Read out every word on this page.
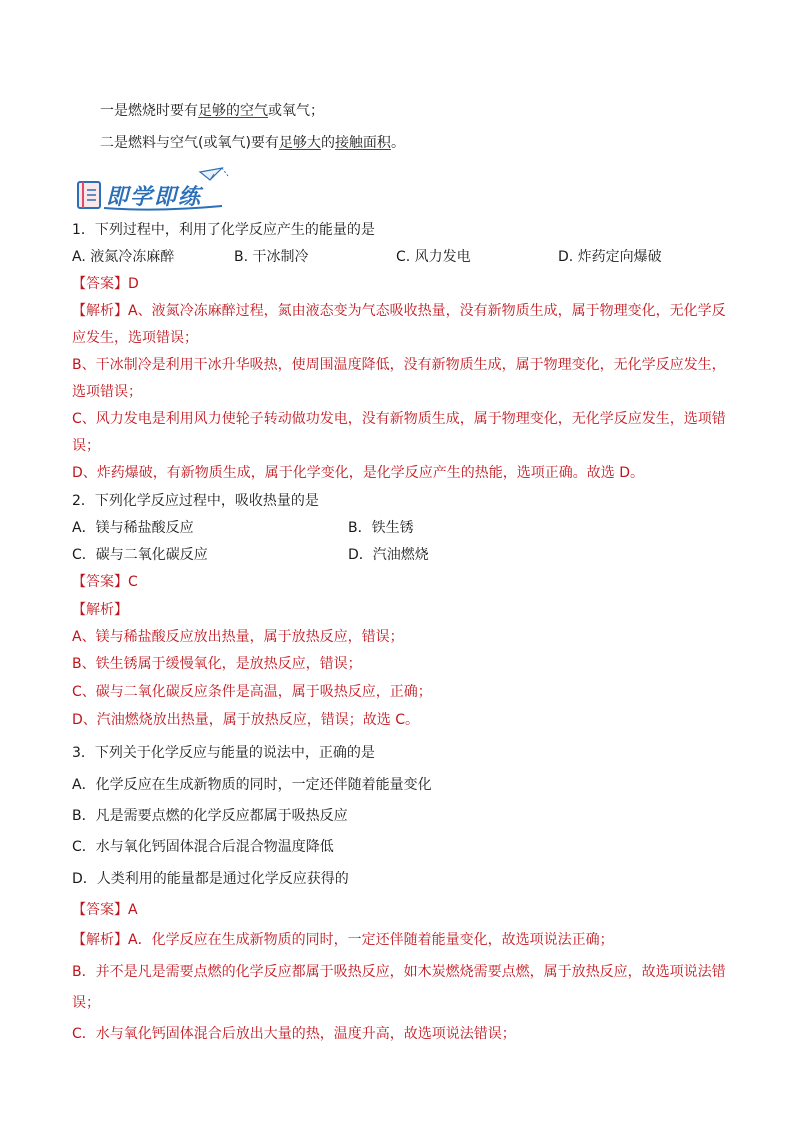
一是燃烧时要有足够的空气或氧气；
二是燃料与空气(或氧气)要有足够大的接触面积。
即学即练
1．下列过程中，利用了化学反应产生的能量的是
A. 液氮冷冻麻醉	B. 干冰制冷	C. 风力发电	D. 炸药定向爆破
【答案】D
【解析】A、液氮冷冻麻醉过程，氮由液态变为气态吸收热量，没有新物质生成，属于物理变化，无化学反
应发生，选项错误；
B、干冰制冷是利用干冰升华吸热，使周围温度降低，没有新物质生成，属于物理变化，无化学反应发生，
选项错误；
C、风力发电是利用风力使轮子转动做功发电，没有新物质生成，属于物理变化，无化学反应发生，选项错
误；
D、炸药爆破，有新物质生成，属于化学变化，是化学反应产生的热能，选项正确。故选 D。
2．下列化学反应过程中，吸收热量的是
A．镁与稀盐酸反应	B．铁生锈
C．碳与二氧化碳反应	D．汽油燃烧
【答案】C
【解析】
A、镁与稀盐酸反应放出热量，属于放热反应，错误；
B、铁生锈属于缓慢氧化，是放热反应，错误；
C、碳与二氧化碳反应条件是高温，属于吸热反应，正确；
D、汽油燃烧放出热量，属于放热反应，错误；故选 C。
3．下列关于化学反应与能量的说法中，正确的是
A．化学反应在生成新物质的同时，一定还伴随着能量变化
B．凡是需要点燃的化学反应都属于吸热反应
C．水与氧化钙固体混合后混合物温度降低
D．人类利用的能量都是通过化学反应获得的
【答案】A
【解析】A．化学反应在生成新物质的同时，一定还伴随着能量变化，故选项说法正确；
B．并不是凡是需要点燃的化学反应都属于吸热反应，如木炭燃烧需要点燃，属于放热反应，故选项说法错
误；
C．水与氧化钙固体混合后放出大量的热，温度升高，故选项说法错误；
